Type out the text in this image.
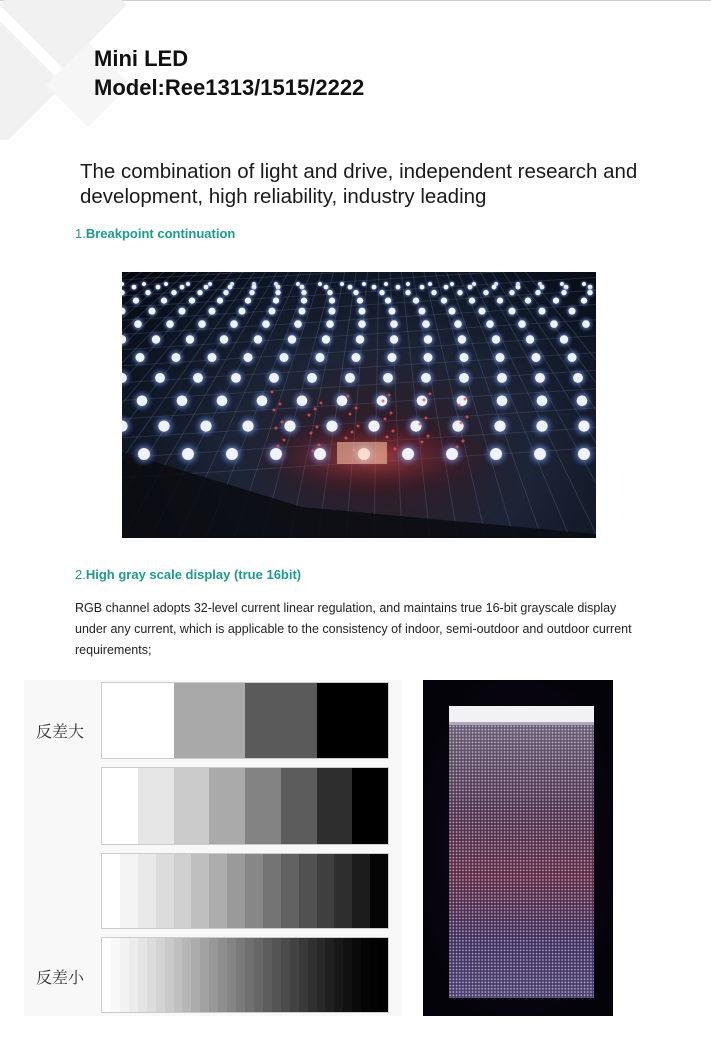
Mini LED
Model:Ree1313/1515/2222
The combination of light and drive, independent research and development, high reliability, industry leading
1.Breakpoint continuation
2.High gray scale display (true 16bit)
RGB channel adopts 32-level current linear regulation, and maintains true 16-bit grayscale display under any current, which is applicable to the consistency of indoor, semi-outdoor and outdoor current requirements;
反差大
反差小
